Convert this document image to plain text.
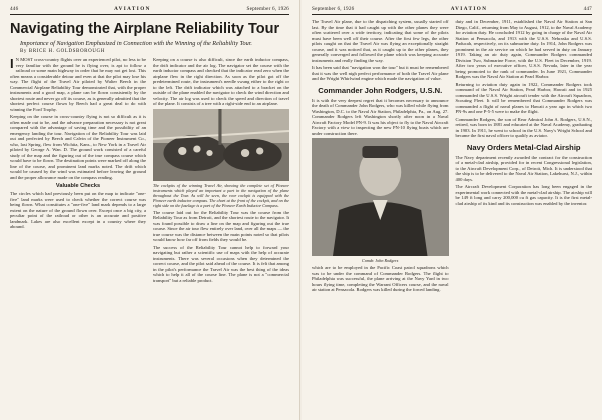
446	AVIATION	September 6, 1926
Navigating the Airplane Reliability Tour
Importance of Navigation Emphasized in Connection with the Winning of the Reliability Tour.
By BRICE H. GOLDSBOROUGH

I N MOST cross-country flights over an experienced pilot, no less to be very familiar with the ground he is flying over, is apt to follow a railroad or some main highway in order that he may not get lost. This often means a considerable detour and even at that the pilot may lose his way. The flight of the Travel Air piloted by Walter Beech in the Commercial Airplane Reliability Tour demonstrated that, with the proper instruments and a good map, a plane can be flown consistently by the shortest route and never go off its course, as is generally admitted that the shortest perfect course flown by Beech had a great deal to do with winning the Ford Trophy.

Keeping on the course in cross-country flying is not so difficult as it is often made out to be, and the advance preparation necessary is not great compared with the advantage of saving time and the possibility of an emergency landing the tour. Navigation of the Reliability Tour was laid out and perfected by Beech and Calvin of the Pioneer Instrument Co., who, last Spring, flew from Wichita, Kans., to New York in a Travel Air piloted by George A. Wan. D. The ground work consisted of a careful study of the map and the figuring out of the true compass course which would have to be flown. The destination points were marked off along the line of the course, and prominent land marks noted. The drift which would be caused by the wind was estimated before leaving the ground and the proper allowance made on the compass reading.

Valuable Checks

The circles which had previously been put on the map to indicate "one-five" land marks were used to check whether the correct course was being flown. What constitutes a "one-five" land mark depends to a large extent on the nature of the ground flown over. Except once a big city, a peculiar point of the railroad or other is an accurate and positive landmark. Lakes are also excellent except in a country where they abound.

Keeping on a course is also difficult, since the earth inductor compass, the drift indicator and the air log. The navigator set the course with the earth inductor compass and checked that the indicator read zero when the airplane flew in the right direction. As soon as the pilot got off the predetermined route, the instrument's needle swung either to the right or to the left. The drift indicator which was attached to a bracket on the outside of the plane enabled the navigator to check the wind direction and velocity. The air log was used to check the speed and direction of travel of the plane. It consists of a tree with a right-side end to an airplane.

The cockpits of the winning Travel Air, showing the complete set of Pioneer instruments which played an important a part in the navigation of the plane throughout the Tour. As will be seen, the rear cockpit is equipped with the Pioneer earth inductor compass. The chart at the front of the cockpit, and on the right side on the fuselage is a part of the Pioneer Earth Inductor Compass.

The course laid out for the Reliability Tour was the course from the Reliability Tour as from Detroit, and the shortest route to the navigator. It was found possible to draw a line on the map and figuring out the true course. Since the air tour flew entirely over land, over all the maps — the true course was the distance between the main points noted so that pilots would know how far off from fields they would be.

The success of the Reliability Tour cannot help to forward your navigating but rather a scientific use of maps with the help of accurate instruments. There was several occasions when they determined the correct course, and the pilot said ahead of the course. It is felt that among in the pilot's performance the Travel Air was the best thing of the ideas which to help it all of the course line. The plane is not a "commercial transport" but a reliable product.

September 6, 1926	AVIATION	447

The Travel Air plane, due to the dispatching system, usually started off last. By the time that it had caught up with the other planes they were often scattered over a wide territory, indicating that some of the pilots must have been well off their course. After the first few legs, the other pilots caught on that the Travel Air was flying an exceptionally straight course, and it was noticed that, as it caught up to the other planes, they generally converged and followed the plane which was keeping accurate instruments and really finding the way.

It has been said that "navigation won the tour" but it must be remembered that it was the well nigh perfect performance of both the Travel Air plane and the Wright Whirlwind engine which made the navigation of value.

Commander John Rodgers, U.S.N.

It is with the very deepest regret that it becomes necessary to announce the death of Commander John Rodgers, who was killed while flying from Washington, D.C. to the Naval Air Station, Philadelphia, Pa., on Aug. 27. Commander Rodgers left Washington shortly after noon in a Naval Aircraft Factory Model PN-9. It was his object to fly to the Naval Aircraft Factory with a view to inspecting the new PN-10 flying boats which are under construction there.

Comdr. John Rodgers

which are to be employed in the Pacific Coast patrol squadrons which was to be under the command of Commander Rodgers. The flight to Philadelphia was successful, the plane arriving at the Navy Yard in two hours flying time, completing the Warrant Officers course, and the naval air station at Pensacola. Rodgers was killed during the forced landing.

duty and in December, 1911, established the Naval Air Station at San Diego, Calif., returning from May to August, 1912, to the Naval Academy for aviation duty. He concluded 1912 by going in charge of the Naval Air Station at Pensacola, and 1913 with the U.S.S. Nebraska and U.S.S. Paducah, respectively, on its submarine duty. In 1914, John Rodgers was prominent in the air service on which he had served in duty on January 1919. Taking an air duty again, Commander Rodgers commanded Division Two, Submarine Force, with the U.S. Fleet in December, 1919. After two years of executive officer, U.S.S. Nevada, later in the year being promoted to the rank of commander. In June 1921, Commander Rodgers was the Naval Air Station at Pearl Harbor.

Returning to aviation duty again in 1922, Commander Rodgers took command of the Naval Air Station, Pearl Harbor, Hawaii and in 1925 commanded the U.S.S. Wright aircraft tender with the Aircraft Squadron, Scouting Fleet. It will be remembered that Commander Rodgers was commanded a flight of naval planes to Hawaii a year ago in which two PN-9s and one P-5-5 were to make the flight.

Commander Rodgers, the son of Rear Admiral John A. Rodgers, U.S.N., retired, was born in 1881 and educated at the Naval Academy, graduating in 1903. In 1911, he went to school in the U.S. Navy's Wright School and became the first naval officer to qualify as aviator.

Navy Orders Metal-Clad Airship

The Navy department recently awarded the contract for the construction of a metal-clad airship, provided for in recent Congressional legislation, to the Aircraft Development Corp., of Detroit, Mich. It is understood that the ship is to be delivered to the Naval Air Station, Lakehurst, N.J., within 400 days.

The Aircraft Development Corporation has long been engaged in the experimental work connected with the metal-clad airship. The airship will be 149 ft long and carry 200,000 cu ft gas capacity. It is the first metal-clad airship of its kind and its construction was enabled by the inventor.
